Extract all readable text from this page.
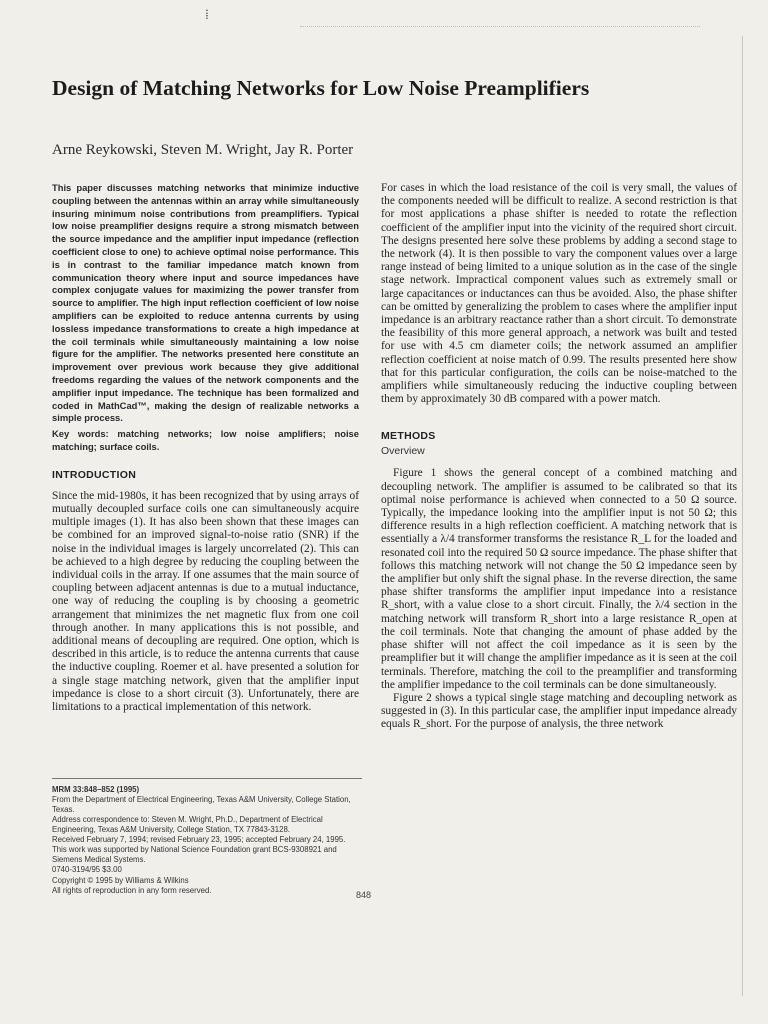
⁞
Design of Matching Networks for Low Noise Preamplifiers

Arne Reykowski, Steven M. Wright, Jay R. Porter

This paper discusses matching networks that minimize inductive coupling between the antennas within an array while simultaneously insuring minimum noise contributions from preamplifiers. Typical low noise preamplifier designs require a strong mismatch between the source impedance and the amplifier input impedance (reflection coefficient close to one) to achieve optimal noise performance. This is in contrast to the familiar impedance match known from communication theory where input and source impedances have complex conjugate values for maximizing the power transfer from source to amplifier. The high input reflection coefficient of low noise amplifiers can be exploited to reduce antenna currents by using lossless impedance transformations to create a high impedance at the coil terminals while simultaneously maintaining a low noise figure for the amplifier. The networks presented here constitute an improvement over previous work because they give additional freedoms regarding the values of the network components and the amplifier input impedance. The technique has been formalized and coded in MathCad™, making the design of realizable networks a simple process.

Key words: matching networks; low noise amplifiers; noise matching; surface coils.

INTRODUCTION

Since the mid-1980s, it has been recognized that by using arrays of mutually decoupled surface coils one can simultaneously acquire multiple images (1). It has also been shown that these images can be combined for an improved signal-to-noise ratio (SNR) if the noise in the individual images is largely uncorrelated (2). This can be achieved to a high degree by reducing the coupling between the individual coils in the array. If one assumes that the main source of coupling between adjacent antennas is due to a mutual inductance, one way of reducing the coupling is by choosing a geometric arrangement that minimizes the net magnetic flux from one coil through another. In many applications this is not possible, and additional means of decoupling are required. One option, which is described in this article, is to reduce the antenna currents that cause the inductive coupling. Roemer et al. have presented a solution for a single stage matching network, given that the amplifier input impedance is close to a short circuit (3). Unfortunately, there are limitations to a practical implementation of this network.

For cases in which the load resistance of the coil is very small, the values of the components needed will be difficult to realize. A second restriction is that for most applications a phase shifter is needed to rotate the reflection coefficient of the amplifier input into the vicinity of the required short circuit. The designs presented here solve these problems by adding a second stage to the network (4). It is then possible to vary the component values over a large range instead of being limited to a unique solution as in the case of the single stage network. Impractical component values such as extremely small or large capacitances or inductances can thus be avoided. Also, the phase shifter can be omitted by generalizing the problem to cases where the amplifier input impedance is an arbitrary reactance rather than a short circuit. To demonstrate the feasibility of this more general approach, a network was built and tested for use with 4.5 cm diameter coils; the network assumed an amplifier reflection coefficient at noise match of 0.99. The results presented here show that for this particular configuration, the coils can be noise-matched to the amplifiers while simultaneously reducing the inductive coupling between them by approximately 30 dB compared with a power match.

METHODS

Overview

Figure 1 shows the general concept of a combined matching and decoupling network. The amplifier is assumed to be calibrated so that its optimal noise performance is achieved when connected to a 50 Ω source. Typically, the impedance looking into the amplifier input is not 50 Ω; this difference results in a high reflection coefficient. A matching network that is essentially a λ/4 transformer transforms the resistance R_L for the loaded and resonated coil into the required 50 Ω source impedance. The phase shifter that follows this matching network will not change the 50 Ω impedance seen by the amplifier but only shift the signal phase. In the reverse direction, the same phase shifter transforms the amplifier input impedance into a resistance R_short, with a value close to a short circuit. Finally, the λ/4 section in the matching network will transform R_short into a large resistance R_open at the coil terminals. Note that changing the amount of phase added by the phase shifter will not affect the coil impedance as it is seen by the preamplifier but it will change the amplifier impedance as it is seen at the coil terminals. Therefore, matching the coil to the preamplifier and transforming the amplifier impedance to the coil terminals can be done simultaneously.

Figure 2 shows a typical single stage matching and decoupling network as suggested in (3). In this particular case, the amplifier input impedance already equals R_short. For the purpose of analysis, the three network

MRM 33:848–852 (1995)

From the Department of Electrical Engineering, Texas A&M University, College Station, Texas.

Address correspondence to: Steven M. Wright, Ph.D., Department of Electrical Engineering, Texas A&M University, College Station, TX 77843-3128.

Received February 7, 1994; revised February 23, 1995; accepted February 24, 1995.

This work was supported by National Science Foundation grant BCS-9308921 and Siemens Medical Systems.

0740-3194/95 $3.00

Copyright © 1995 by Williams & Wilkins

All rights of reproduction in any form reserved.	848
